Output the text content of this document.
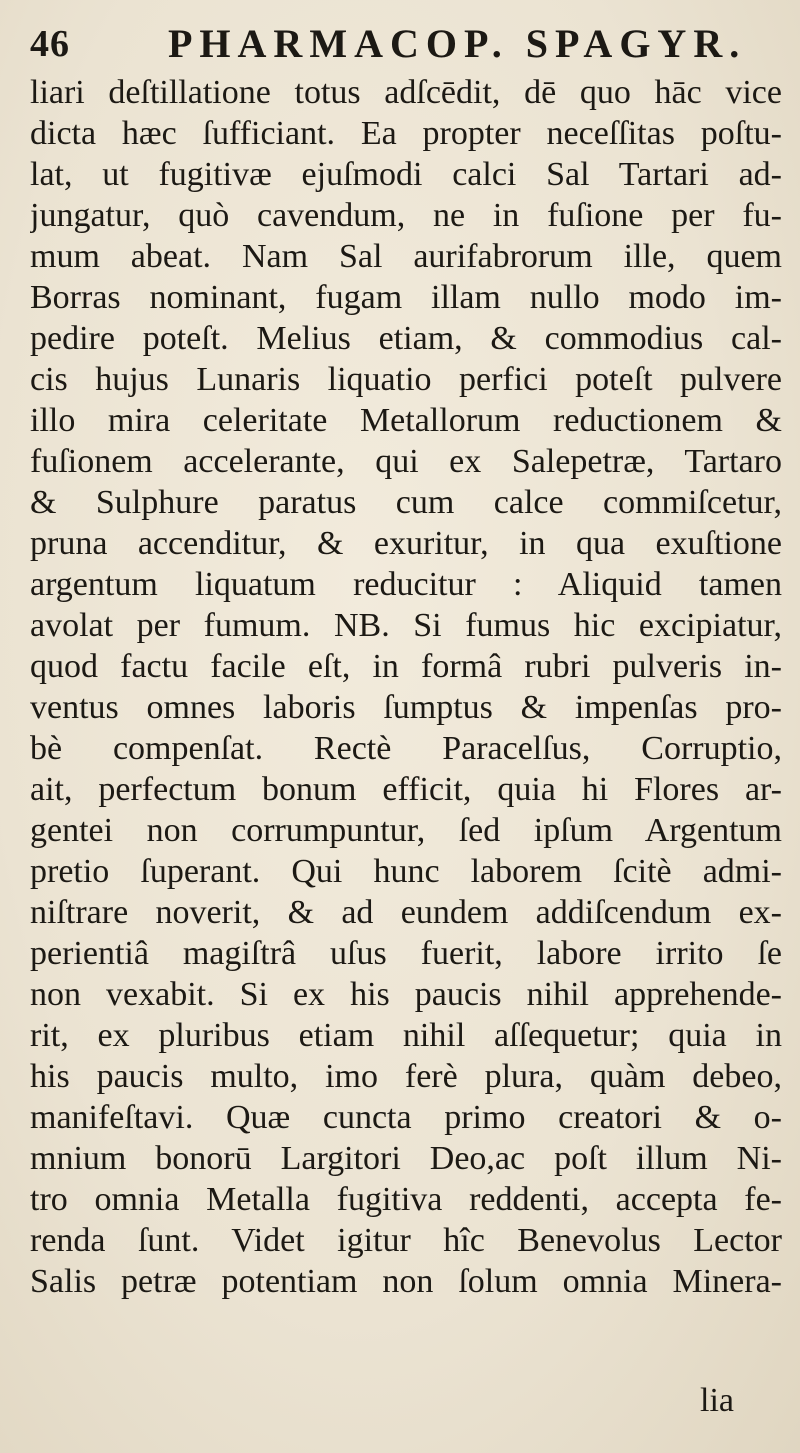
46 PHARMACOP. SPAGYR.
liari deſtillatione totus adſcēdit, dē quo hāc vice
dicta hæc ſufficiant. Ea propter neceſſitas poſtu-
lat, ut fugitivæ ejuſmodi calci Sal Tartari ad-
jungatur, quò cavendum, ne in fuſione per fu-
mum abeat. Nam Sal aurifabrorum ille, quem
Borras nominant, fugam illam nullo modo im-
pedire poteſt. Melius etiam, & commodius cal-
cis hujus Lunaris liquatio perfici poteſt pulvere
illo mira celeritate Metallorum reductionem &
fuſionem accelerante, qui ex Salepetræ, Tartaro
& Sulphure paratus cum calce commiſcetur,
pruna accenditur, & exuritur, in qua exuſtione
argentum liquatum reducitur : Aliquid tamen
avolat per fumum. NB. Si fumus hic excipiatur,
quod factu facile eſt, in formâ rubri pulveris in-
ventus omnes laboris ſumptus & impenſas pro-
bè compenſat. Rectè Paracelſus, Corruptio,
ait, perfectum bonum efficit, quia hi Flores ar-
gentei non corrumpuntur, ſed ipſum Argentum
pretio ſuperant. Qui hunc laborem ſcitè admi-
niſtrare noverit, & ad eundem addiſcendum ex-
perientiâ magiſtrâ uſus fuerit, labore irrito ſe
non vexabit. Si ex his paucis nihil apprehende-
rit, ex pluribus etiam nihil aſſequetur; quia in
his paucis multo, imo ferè plura, quàm debeo,
manifeſtavi. Quæ cuncta primo creatori & o-
mnium bonorū Largitori Deo,ac poſt illum Ni-
tro omnia Metalla fugitiva reddenti, accepta fe-
renda ſunt. Videt igitur hîc Benevolus Lector
Salis petræ potentiam non ſolum omnia Minera-
lia
